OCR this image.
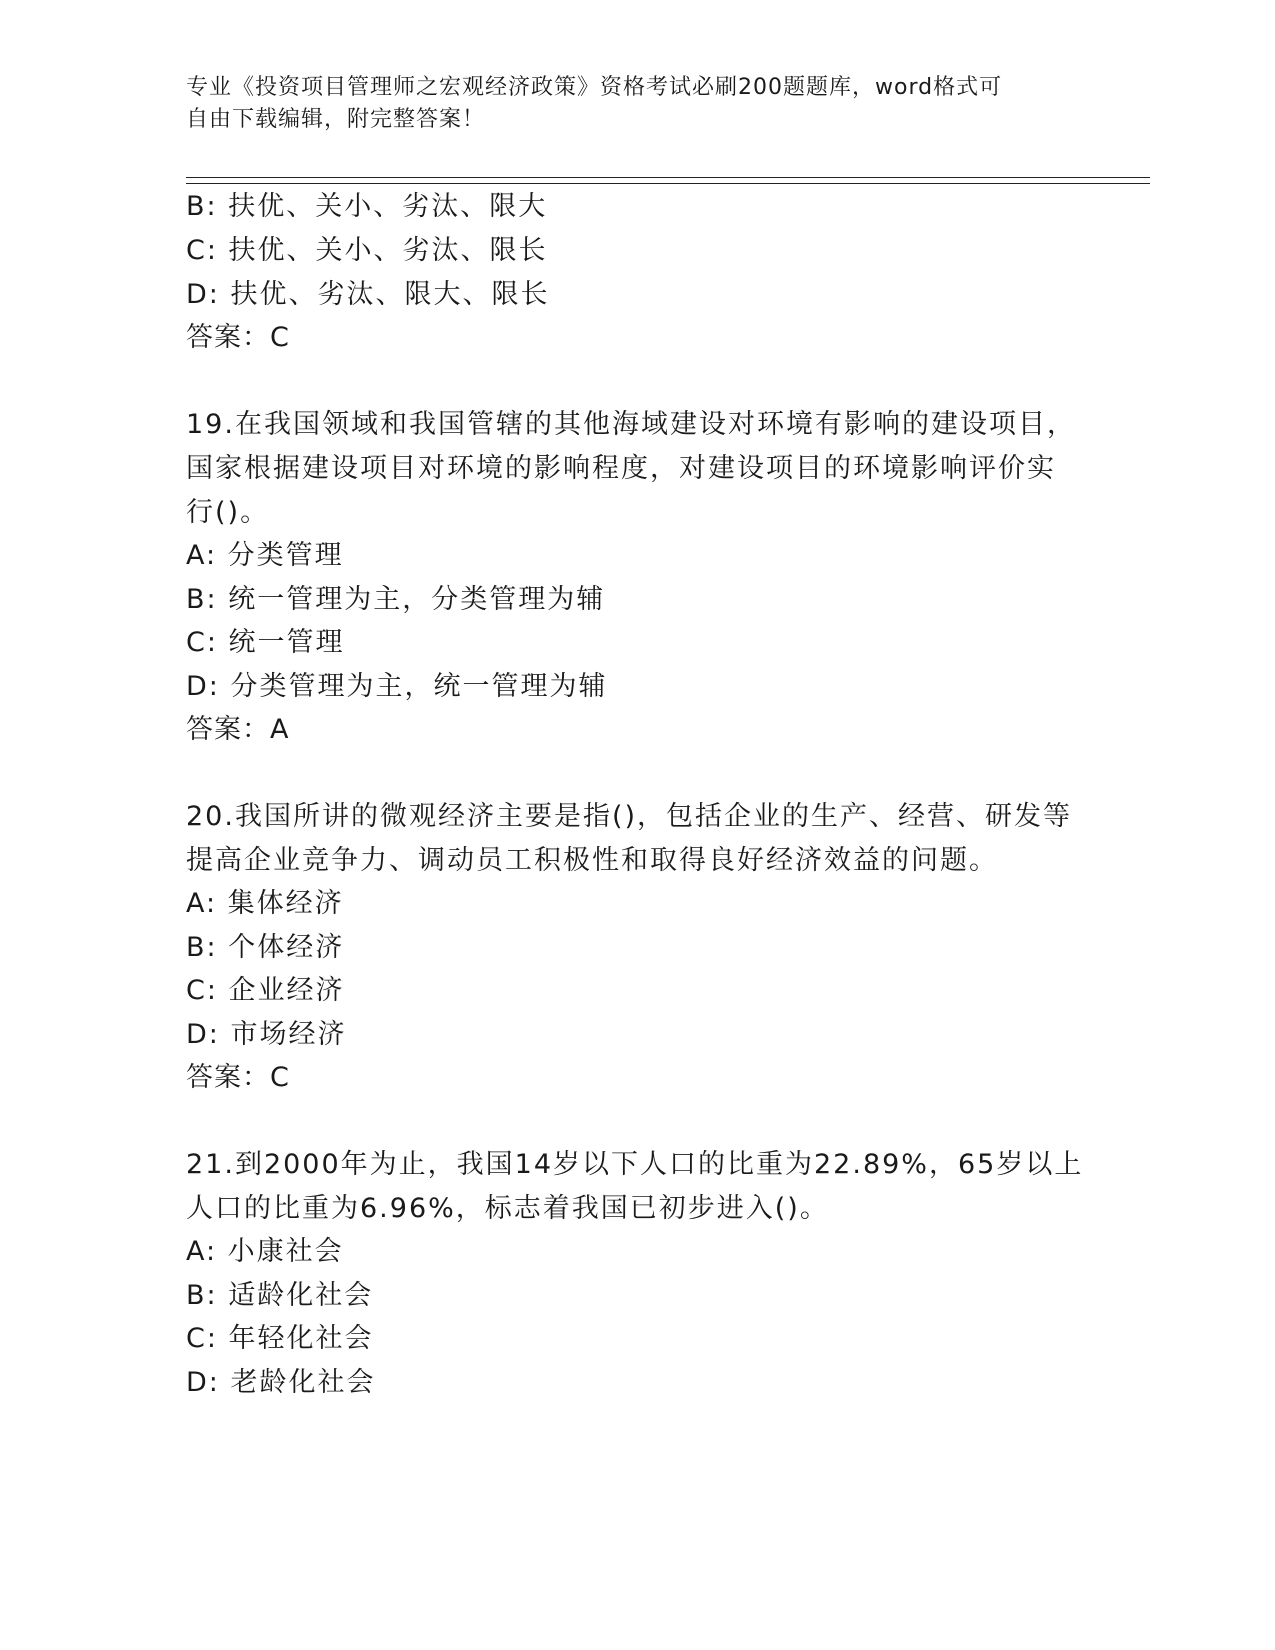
专业《投资项目管理师之宏观经济政策》资格考试必刷200题题库，word格式可
自由下载编辑，附完整答案！
B: 扶优、关小、劣汰、限大
C: 扶优、关小、劣汰、限长
D: 扶优、劣汰、限大、限长
答案：C
19.在我国领域和我国管辖的其他海域建设对环境有影响的建设项目，
国家根据建设项目对环境的影响程度，对建设项目的环境影响评价实
行()。
A: 分类管理
B: 统一管理为主，分类管理为辅
C: 统一管理
D: 分类管理为主，统一管理为辅
答案：A
20.我国所讲的微观经济主要是指()，包括企业的生产、经营、研发等
提高企业竞争力、调动员工积极性和取得良好经济效益的问题。
A: 集体经济
B: 个体经济
C: 企业经济
D: 市场经济
答案：C
21.到2000年为止，我国14岁以下人口的比重为22.89%，65岁以上
人口的比重为6.96%，标志着我国已初步进入()。
A: 小康社会
B: 适龄化社会
C: 年轻化社会
D: 老龄化社会
